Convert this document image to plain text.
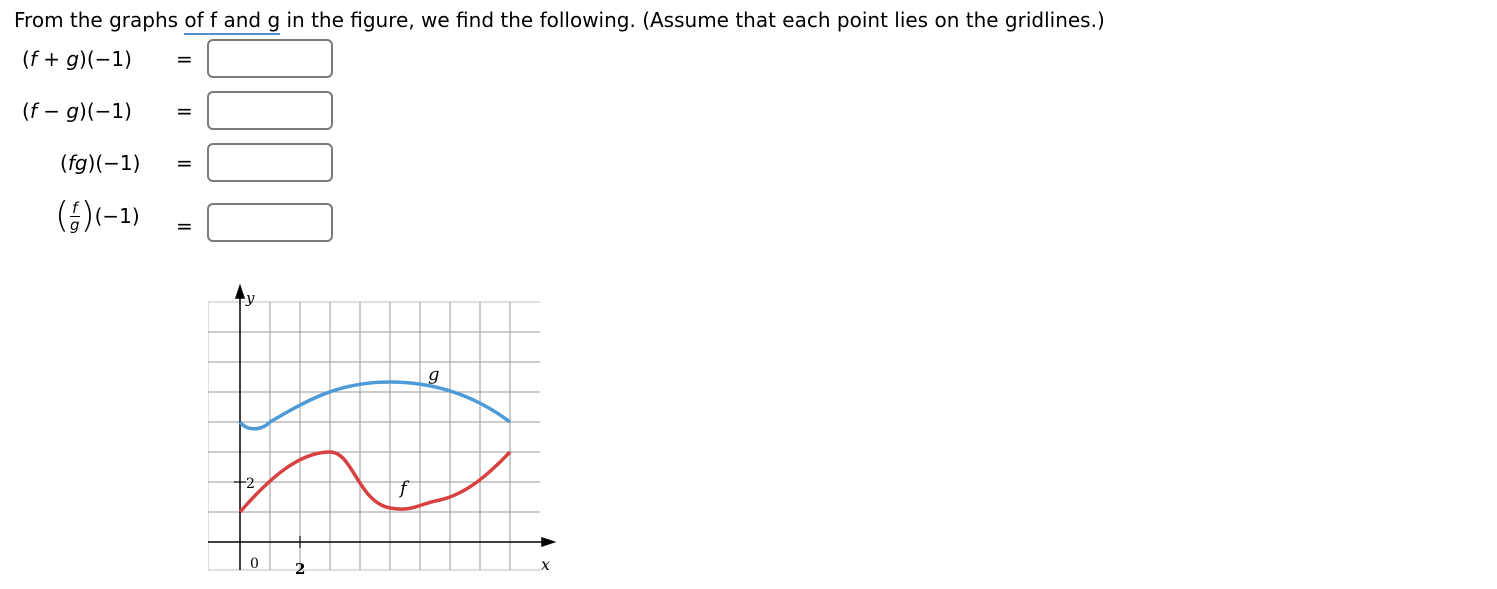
From the graphs of f and g in the figure, we find the following. (Assume that each point lies on the gridlines.)
(f + g)(−1) =
(f − g)(−1) =
(fg)(−1) =
( $\frac{f}{g} )(-1)$ =
y
x
0 2
2
g
f
